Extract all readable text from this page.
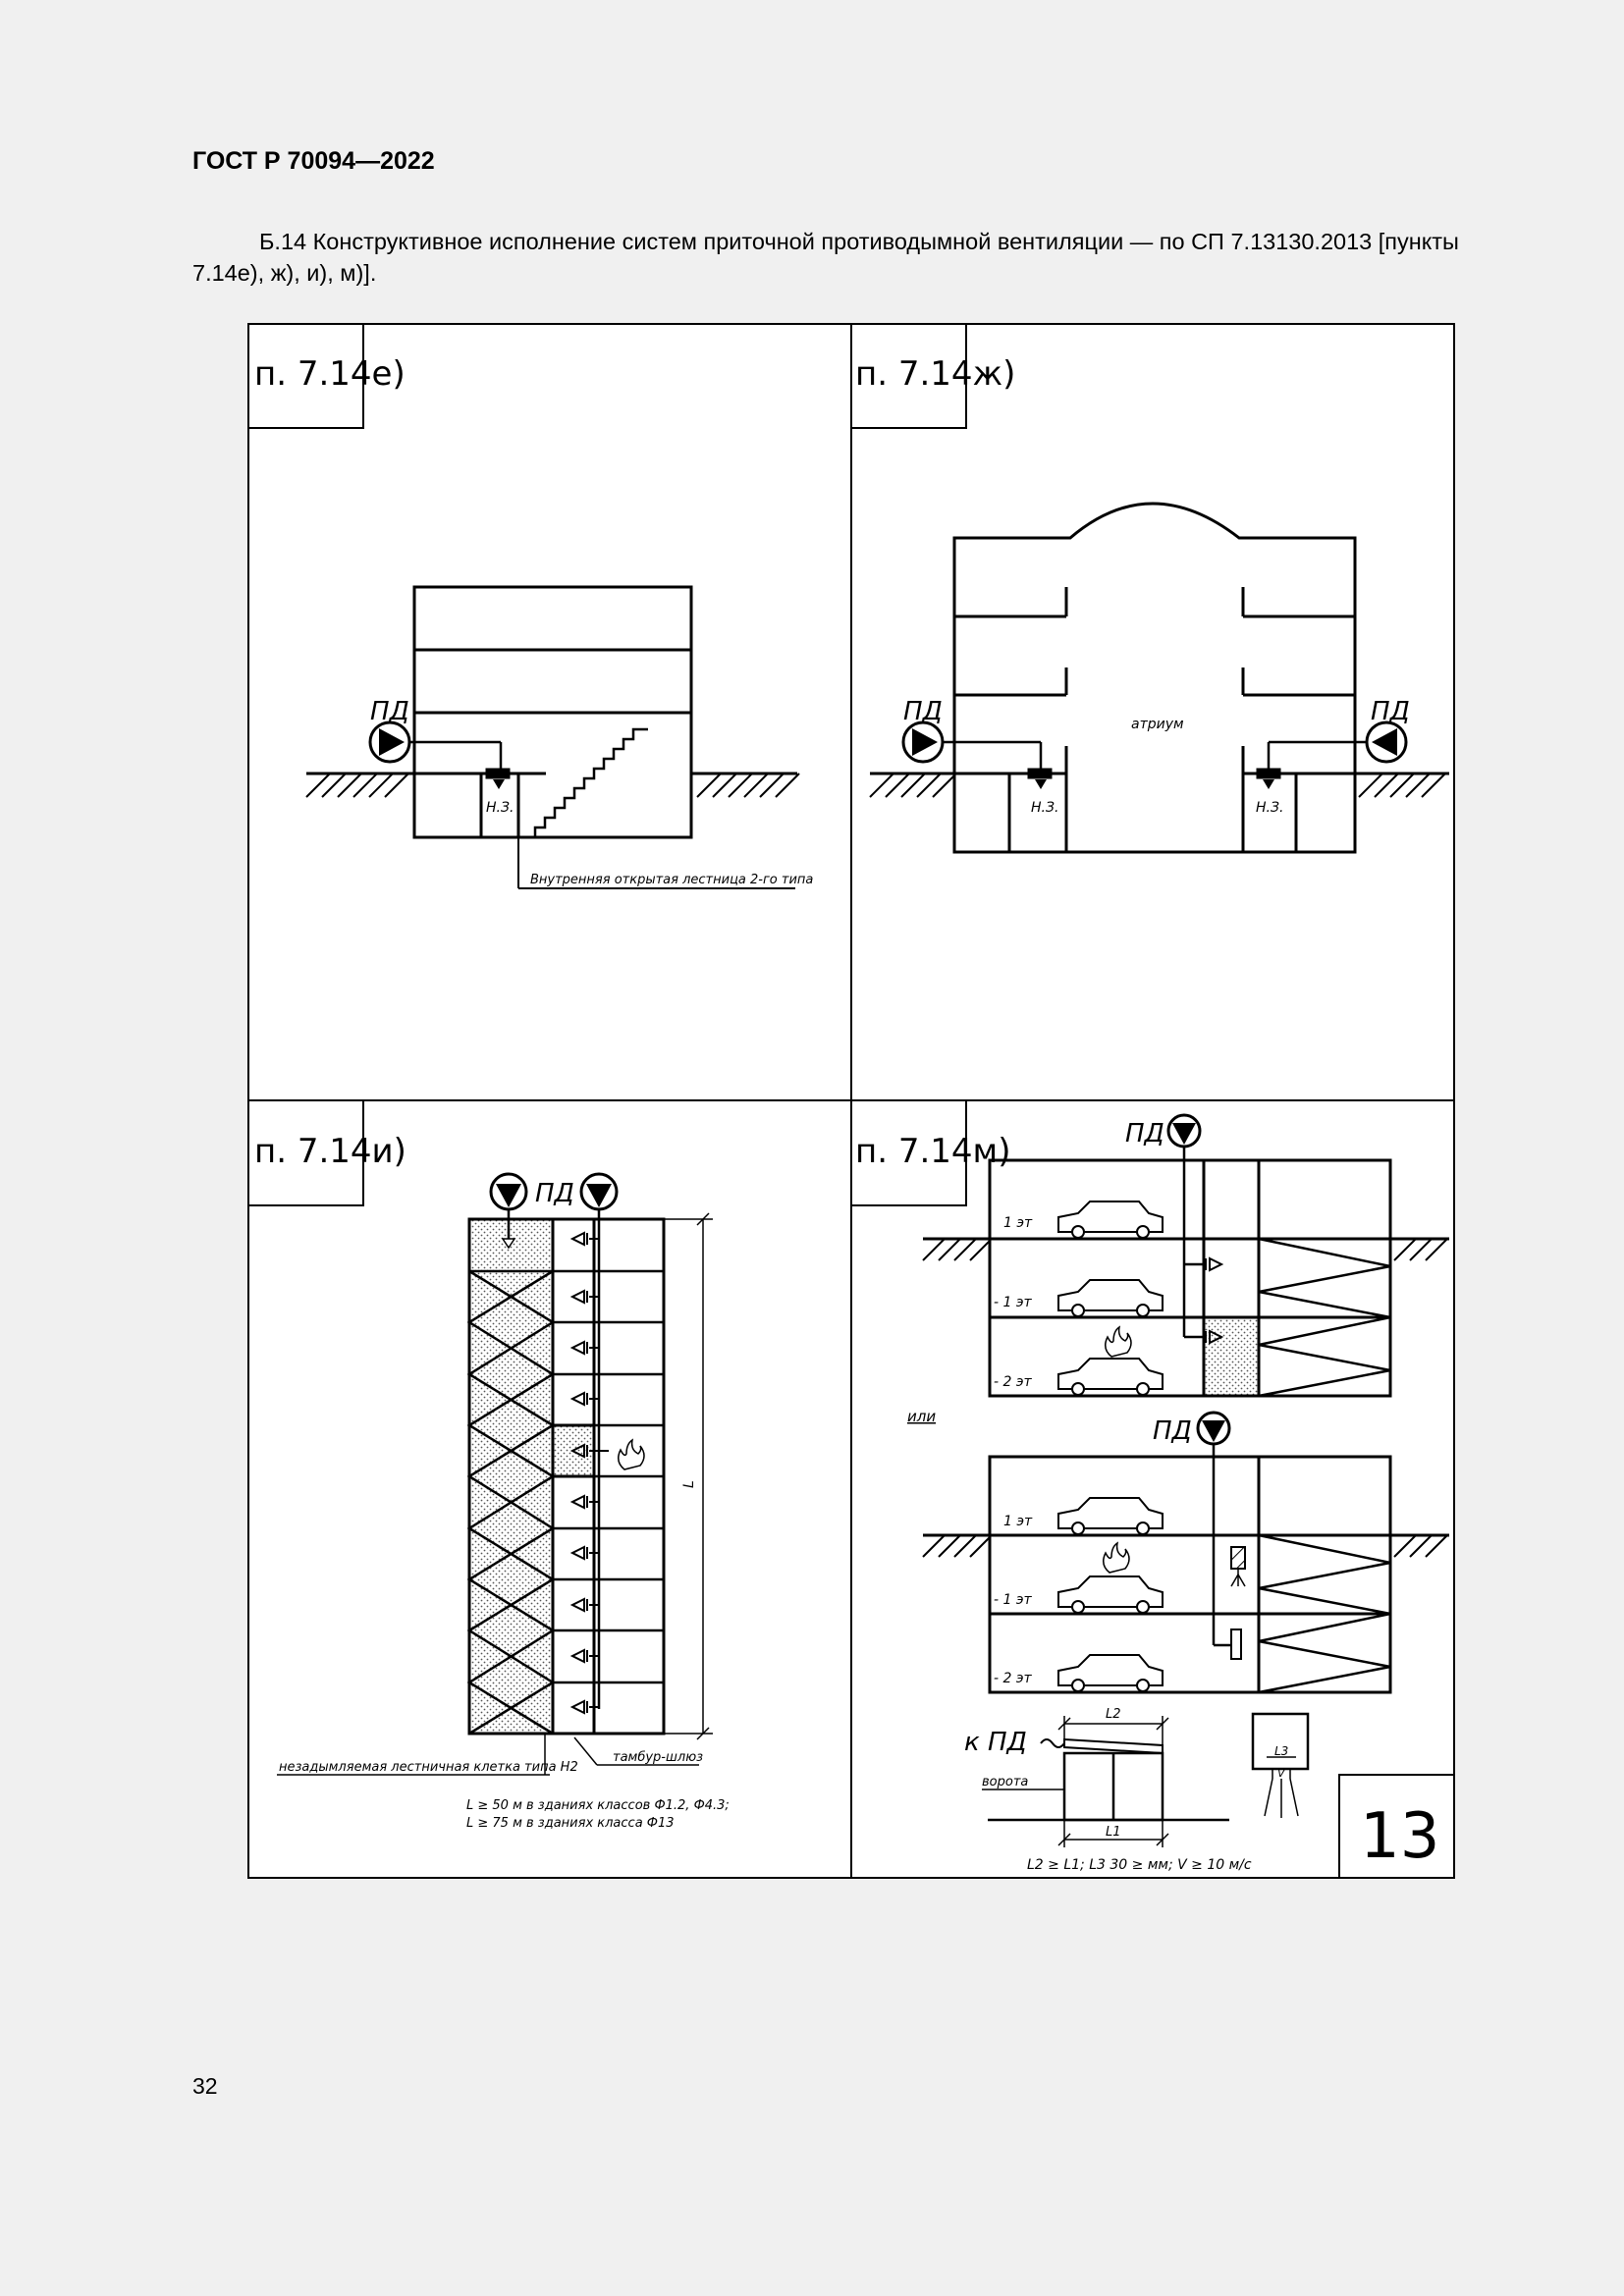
ГОСТ Р 70094—2022
Б.14 Конструктивное исполнение систем приточной противодымной вентиляции — по СП 7.13130.2013 [пункты 7.14е), ж), и), м)].
п. 7.14е)	п. 7.14ж)
п. 7.14и)	п. 7.14м)
13
ПД
Н.З.
Внутренняя открытая лестница 2-го типа
ПД	ПД
Н.З.	Н.З.
атриум
ПД
L
незадымляемая лестничная клетка типа Н2
тамбур-шлюз
L ≥ 50 м в зданиях классов Ф1.2, Ф4.3;
L ≥ 75 м в зданиях класса Ф13
ПД
ПД
к ПД	L3
V
1 эт
- 1 эт
- 2 эт
или
1 эт
- 1 эт
- 2 эт
ворота
L2
L1
L2 ≥ L1; L3 30 ≥ мм; V ≥ 10 м/с
32
